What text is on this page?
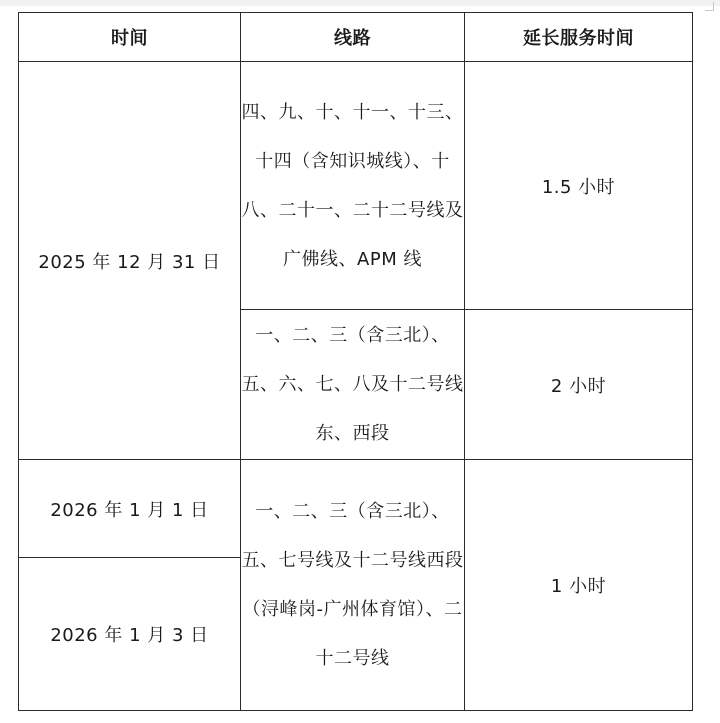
时间	线路	延长服务时间
2025 年 12 月 31 日	四、九、十、十一、十三、十四（含知识城线）、十八、二十一、二十二号线及广佛线、APM 线	1.5 小时
	一、二、三（含三北）、五、六、七、八及十二号线东、西段	2 小时
2026 年 1 月 1 日	一、二、三（含三北）、五、七号线及十二号线西段（浔峰岗-广州体育馆）、二十二号线	1 小时
2026 年 1 月 3 日		
